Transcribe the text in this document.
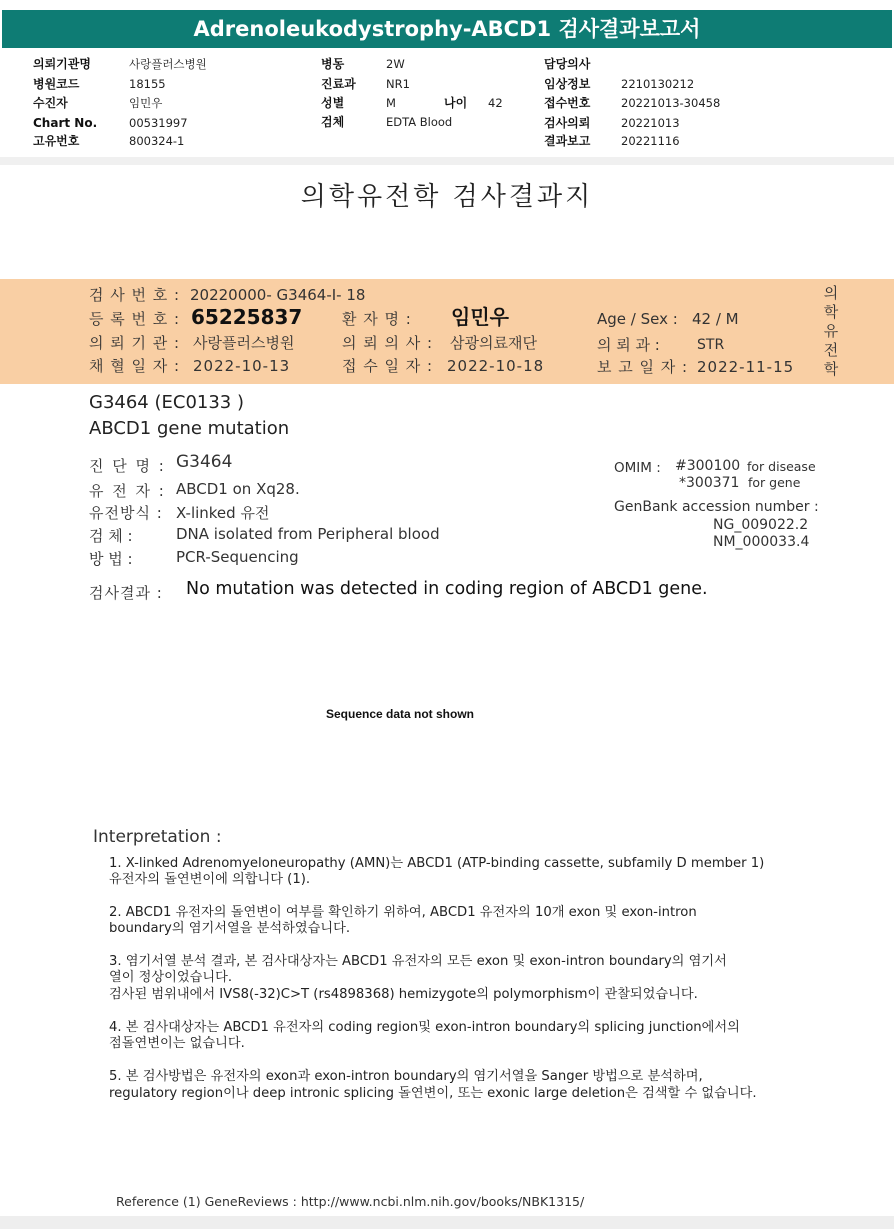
Adrenoleukodystrophy-ABCD1 검사결과보고서
의뢰기관명	사랑플러스병원
병원코드	18155
수진자	임민우
Chart No.	00531997
고유번호	800324-1
병동	2W
진료과	NR1
성별	M	나이 42
검체	EDTA Blood
담당의사
임상정보	2210130212
접수번호	20221013-30458
검사의뢰	20221013
결과보고	20221116
의학유전학 검사결과지
검 사 번 호 : 20220000- G3464-I- 18
등 록 번 호 : 65225837	환 자 명 : 임민우	Age / Sex : 42 / M
의 뢰 기 관 : 사랑플러스병원	의 뢰 의 사 : 삼광의료재단	의 뢰 과 :	STR
채 혈 일 자 : 2022-10-13	접 수 일 자 : 2022-10-18	보 고 일 자 : 2022-11-15
의학유전학
G3464 (EC0133 )
ABCD1 gene mutation
진 단 명 : G3464
유 전 자 : ABCD1 on Xq28.
유전방식 : X-linked 유전
검 체 :	DNA isolated from Peripheral blood
방 법 :	PCR-Sequencing
OMIM : #300100 for disease
*300371 for gene
GenBank accession number :
NG_009022.2
NM_000033.4
검사결과 : No mutation was detected in coding region of ABCD1 gene.
Sequence data not shown
Interpretation :
1. X-linked Adrenomyeloneuropathy (AMN)는 ABCD1 (ATP-binding cassette, subfamily D member 1)
유전자의 돌연변이에 의합니다 (1).
2. ABCD1 유전자의 돌연변이 여부를 확인하기 위하여, ABCD1 유전자의 10개 exon 및 exon-intron
boundary의 염기서열을 분석하였습니다.
3. 염기서열 분석 결과, 본 검사대상자는 ABCD1 유전자의 모든 exon 및 exon-intron boundary의 염기서
열이 정상이었습니다.
검사된 범위내에서 IVS8(-32)C>T (rs4898368) hemizygote의 polymorphism이 관찰되었습니다.
4. 본 검사대상자는 ABCD1 유전자의 coding region및 exon-intron boundary의 splicing junction에서의
점돌연변이는 없습니다.
5. 본 검사방법은 유전자의 exon과 exon-intron boundary의 염기서열을 Sanger 방법으로 분석하며,
regulatory region이나 deep intronic splicing 돌연변이, 또는 exonic large deletion은 검색할 수 없습니다.
Reference (1) GeneReviews : http://www.ncbi.nlm.nih.gov/books/NBK1315/
